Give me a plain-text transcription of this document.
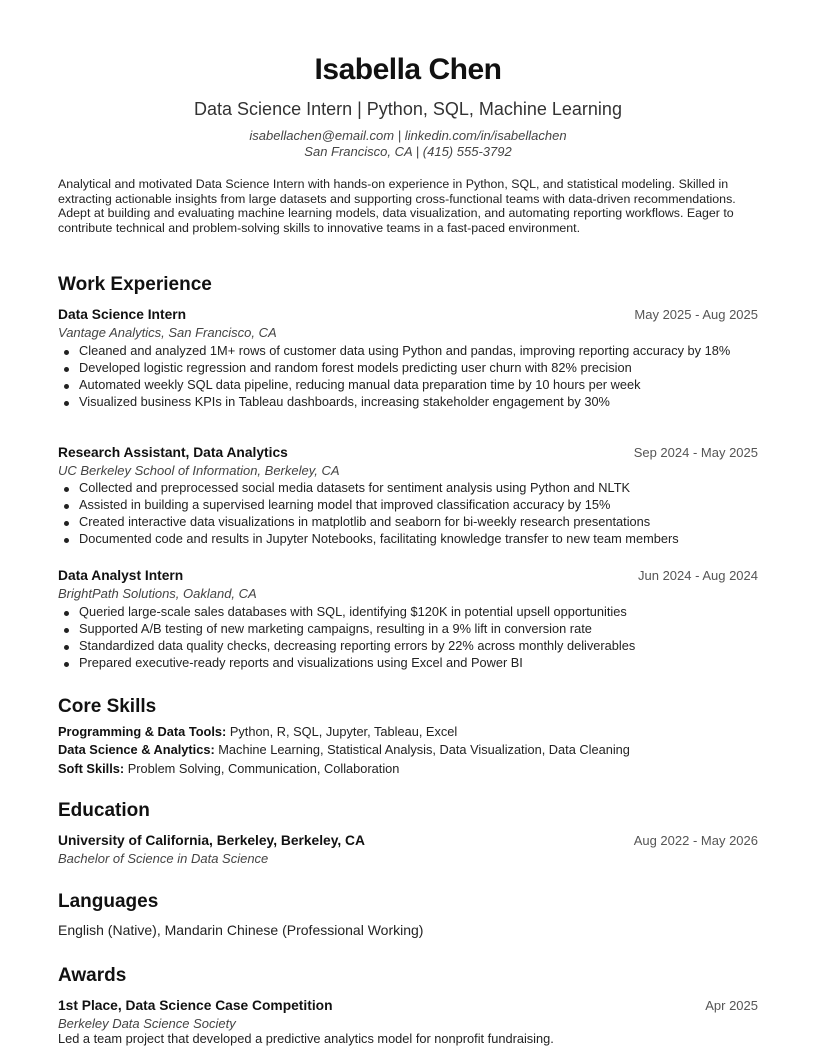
Isabella Chen
Data Science Intern | Python, SQL, Machine Learning
isabellachen@email.com | linkedin.com/in/isabellachen
San Francisco, CA | (415) 555-3792
Analytical and motivated Data Science Intern with hands-on experience in Python, SQL, and statistical modeling. Skilled in extracting actionable insights from large datasets and supporting cross-functional teams with data-driven recommendations. Adept at building and evaluating machine learning models, data visualization, and automating reporting workflows. Eager to contribute technical and problem-solving skills to innovative teams in a fast-paced environment.
Work Experience
Data Science Intern	May 2025 - Aug 2025
Vantage Analytics, San Francisco, CA
Cleaned and analyzed 1M+ rows of customer data using Python and pandas, improving reporting accuracy by 18%
Developed logistic regression and random forest models predicting user churn with 82% precision
Automated weekly SQL data pipeline, reducing manual data preparation time by 10 hours per week
Visualized business KPIs in Tableau dashboards, increasing stakeholder engagement by 30%
Research Assistant, Data Analytics	Sep 2024 - May 2025
UC Berkeley School of Information, Berkeley, CA
Collected and preprocessed social media datasets for sentiment analysis using Python and NLTK
Assisted in building a supervised learning model that improved classification accuracy by 15%
Created interactive data visualizations in matplotlib and seaborn for bi-weekly research presentations
Documented code and results in Jupyter Notebooks, facilitating knowledge transfer to new team members
Data Analyst Intern	Jun 2024 - Aug 2024
BrightPath Solutions, Oakland, CA
Queried large-scale sales databases with SQL, identifying $120K in potential upsell opportunities
Supported A/B testing of new marketing campaigns, resulting in a 9% lift in conversion rate
Standardized data quality checks, decreasing reporting errors by 22% across monthly deliverables
Prepared executive-ready reports and visualizations using Excel and Power BI
Core Skills
Programming & Data Tools: Python, R, SQL, Jupyter, Tableau, Excel
Data Science & Analytics: Machine Learning, Statistical Analysis, Data Visualization, Data Cleaning
Soft Skills: Problem Solving, Communication, Collaboration
Education
University of California, Berkeley, Berkeley, CA	Aug 2022 - May 2026
Bachelor of Science in Data Science
Languages
English (Native), Mandarin Chinese (Professional Working)
Awards
1st Place, Data Science Case Competition	Apr 2025
Berkeley Data Science Society
Led a team project that developed a predictive analytics model for nonprofit fundraising.
